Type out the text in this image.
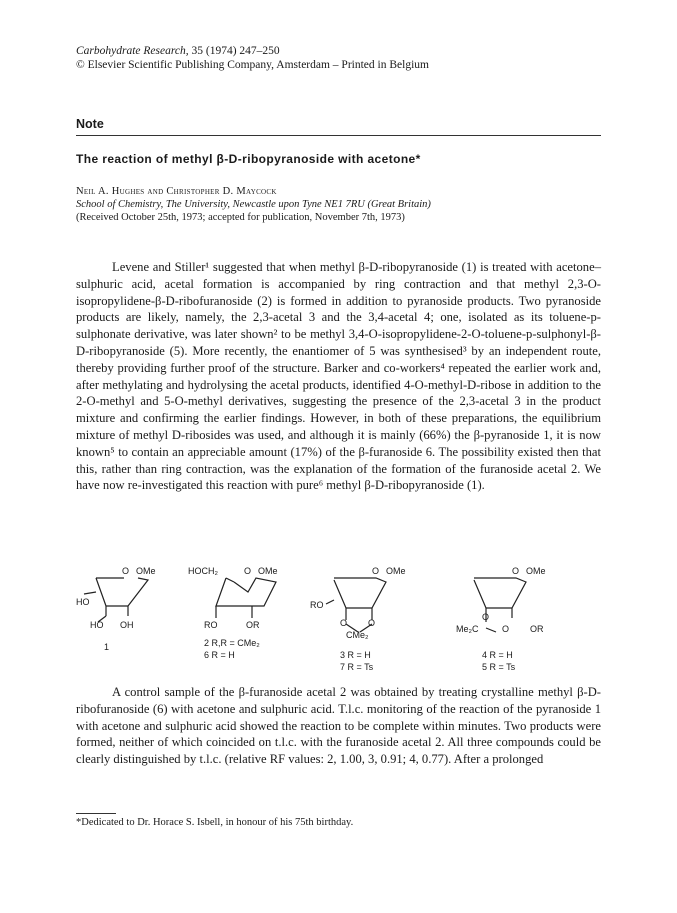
Carbohydrate Research, 35 (1974) 247–250
© Elsevier Scientific Publishing Company, Amsterdam – Printed in Belgium
Note
The reaction of methyl β-D-ribopyranoside with acetone*
Neil A. Hughes and Christopher D. Maycock
School of Chemistry, The University, Newcastle upon Tyne NE1 7RU (Great Britain)
(Received October 25th, 1973; accepted for publication, November 7th, 1973)
Levene and Stiller¹ suggested that when methyl β-D-ribopyranoside (1) is treated with acetone–sulphuric acid, acetal formation is accompanied by ring contraction and that methyl 2,3-O-isopropylidene-β-D-ribofuranoside (2) is formed in addition to pyranoside products. Two pyranoside products are likely, namely, the 2,3-acetal 3 and the 3,4-acetal 4; one, isolated as its toluene-p-sulphonate derivative, was later shown² to be methyl 3,4-O-isopropylidene-2-O-toluene-p-sulphonyl-β-D-ribopyranoside (5). More recently, the enantiomer of 5 was synthesised³ by an independent route, thereby providing further proof of the structure. Barker and co-workers⁴ repeated the earlier work and, after methylating and hydrolysing the acetal products, identified 4-O-methyl-D-ribose in addition to the 2-O-methyl and 5-O-methyl derivatives, suggesting the presence of the 2,3-acetal 3 in the product mixture and confirming the earlier findings. However, in both of these preparations, the equilibrium mixture of methyl D-ribosides was used, and although it is mainly (66%) the β-pyranoside 1, it is now known⁵ to contain an appreciable amount (17%) of the β-furanoside 6. The possibility existed then that this, rather than ring contraction, was the explanation of the formation of the furanoside acetal 2. We have now re-investigated this reaction with pure⁶ methyl β-D-ribopyranoside (1).
O OMe
HO
HO OH
1
HOCH₂	O OMe
RO	OR
2 R,R = CMe₂
6 R = H
O OMe
RO
O O
CMe₂
3 R = H
7 R = Ts
O OMe
O
Me₂C	O OR
4 R = H
5 R = Ts
A control sample of the β-furanoside acetal 2 was obtained by treating crystalline methyl β-D-ribofuranoside (6) with acetone and sulphuric acid. T.l.c. monitoring of the reaction of the pyranoside 1 with acetone and sulphuric acid showed the reaction to be complete within minutes. Two products were formed, neither of which coincided on t.l.c. with the furanoside acetal 2. All three compounds could be clearly distinguished by t.l.c. (relative RF values: 2, 1.00, 3, 0.91; 4, 0.77). After a prolonged
*Dedicated to Dr. Horace S. Isbell, in honour of his 75th birthday.
